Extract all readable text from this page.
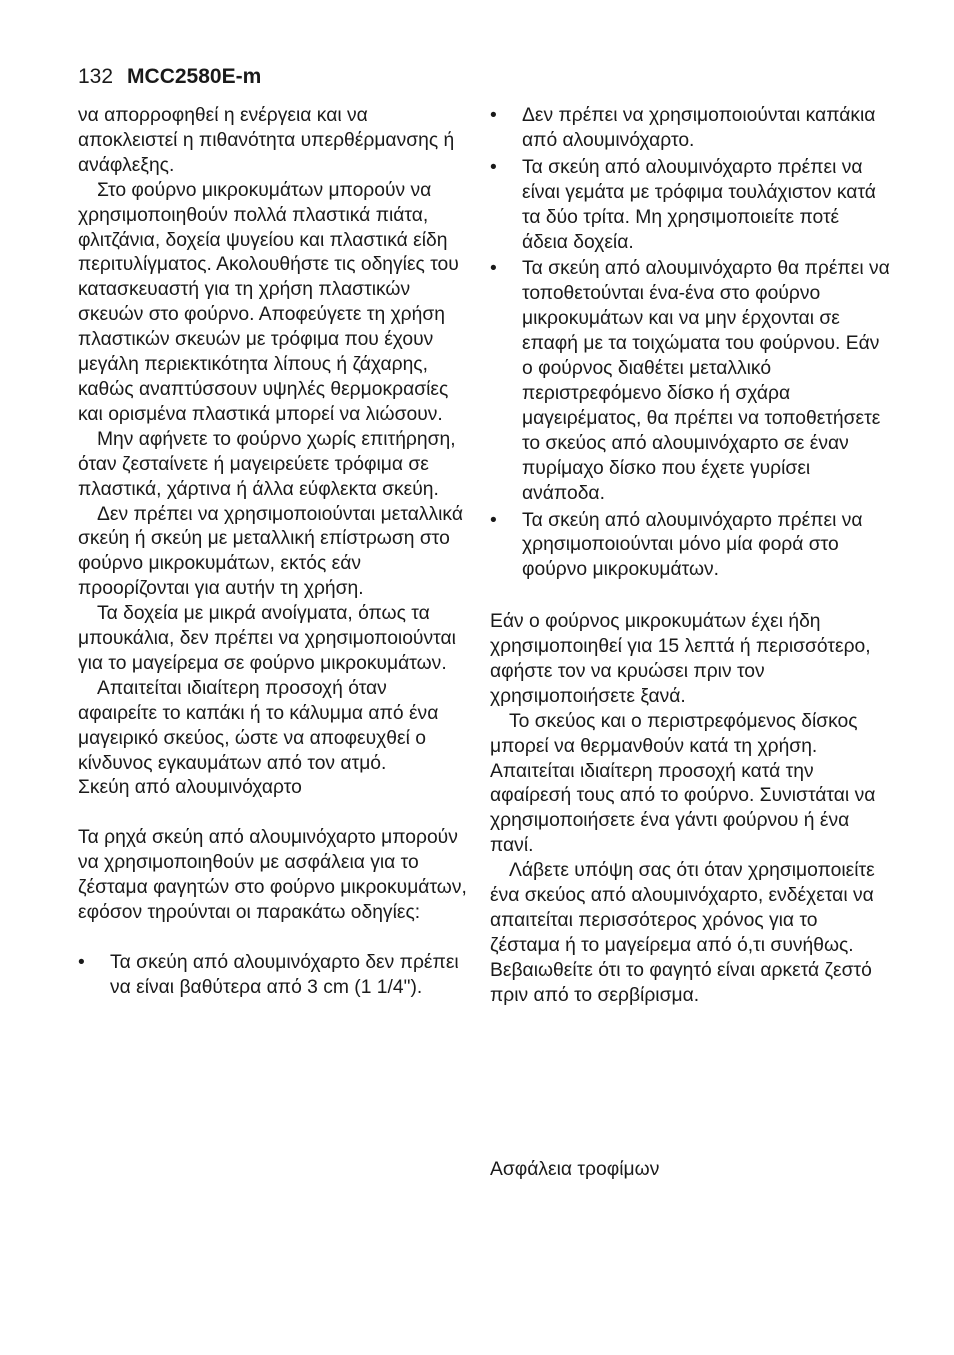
132 MCC2580E-m

να απορροφηθεί η ενέργεια και να αποκλειστεί η πιθανότητα υπερθέρμανσης ή ανάφλεξης.

Στο φούρνο μικροκυμάτων μπορούν να χρησιμοποιηθούν πολλά πλαστικά πιάτα, φλιτζάνια, δοχεία ψυγείου και πλαστικά είδη περιτυλίγματος. Ακολουθήστε τις οδηγίες του κατασκευαστή για τη χρήση πλαστικών σκευών στο φούρνο. Αποφεύγετε τη χρήση πλαστικών σκευών με τρόφιμα που έχουν μεγάλη περιεκτικότητα λίπους ή ζάχαρης, καθώς αναπτύσσουν υψηλές θερμοκρασίες και ορισμένα πλαστικά μπορεί να λιώσουν.

Μην αφήνετε το φούρνο χωρίς επιτήρηση, όταν ζεσταίνετε ή μαγειρεύετε τρόφιμα σε πλαστικά, χάρτινα ή άλλα εύφλεκτα σκεύη.

Δεν πρέπει να χρησιμοποιούνται μεταλλικά σκεύη ή σκεύη με μεταλλική επίστρωση στο φούρνο μικροκυμάτων, εκτός εάν προορίζονται για αυτήν τη χρήση.

Τα δοχεία με μικρά ανοίγματα, όπως τα μπουκάλια, δεν πρέπει να χρησιμοποιούνται για το μαγείρεμα σε φούρνο μικροκυμάτων.

Απαιτείται ιδιαίτερη προσοχή όταν αφαιρείτε το καπάκι ή το κάλυμμα από ένα μαγειρικό σκεύος, ώστε να αποφευχθεί ο κίνδυνος εγκαυμάτων από τον ατμό.

Σκεύη από αλουμινόχαρτο

Τα ρηχά σκεύη από αλουμινόχαρτο μπορούν να χρησιμοποιηθούν με ασφάλεια για το ζέσταμα φαγητών στο φούρνο μικροκυμάτων, εφόσον τηρούνται οι παρακάτω οδηγίες:

•	Τα σκεύη από αλουμινόχαρτο δεν πρέπει να είναι βαθύτερα από 3 cm (1 1/4").
•	Δεν πρέπει να χρησιμοποιούνται καπάκια από αλουμινόχαρτο.
•	Τα σκεύη από αλουμινόχαρτο πρέπει να είναι γεμάτα με τρόφιμα τουλάχιστον κατά τα δύο τρίτα. Μη χρησιμοποιείτε ποτέ άδεια δοχεία.
•	Τα σκεύη από αλουμινόχαρτο θα πρέπει να τοποθετούνται ένα-ένα στο φούρνο μικροκυμάτων και να μην έρχονται σε επαφή με τα τοιχώματα του φούρνου. Εάν ο φούρνος διαθέτει μεταλλικό περιστρεφόμενο δίσκο ή σχάρα μαγειρέματος, θα πρέπει να τοποθετήσετε το σκεύος από αλουμινόχαρτο σε έναν πυρίμαχο δίσκο που έχετε γυρίσει ανάποδα.
•	Τα σκεύη από αλουμινόχαρτο πρέπει να χρησιμοποιούνται μόνο μία φορά στο φούρνο μικροκυμάτων.

Εάν ο φούρνος μικροκυμάτων έχει ήδη χρησιμοποιηθεί για 15 λεπτά ή περισσότερο, αφήστε τον να κρυώσει πριν τον χρησιμοποιήσετε ξανά.

Το σκεύος και ο περιστρεφόμενος δίσκος μπορεί να θερμανθούν κατά τη χρήση. Απαιτείται ιδιαίτερη προσοχή κατά την αφαίρεσή τους από το φούρνο. Συνιστάται να χρησιμοποιήσετε ένα γάντι φούρνου ή ένα πανί.

Λάβετε υπόψη σας ότι όταν χρησιμοποιείτε ένα σκεύος από αλουμινόχαρτο, ενδέχεται να απαιτείται περισσότερος χρόνος για το ζέσταμα ή το μαγείρεμα από ό,τι συνήθως. Βεβαιωθείτε ότι το φαγητό είναι αρκετά ζεστό πριν από το σερβίρισμα.

Ασφάλεια τροφίμων
